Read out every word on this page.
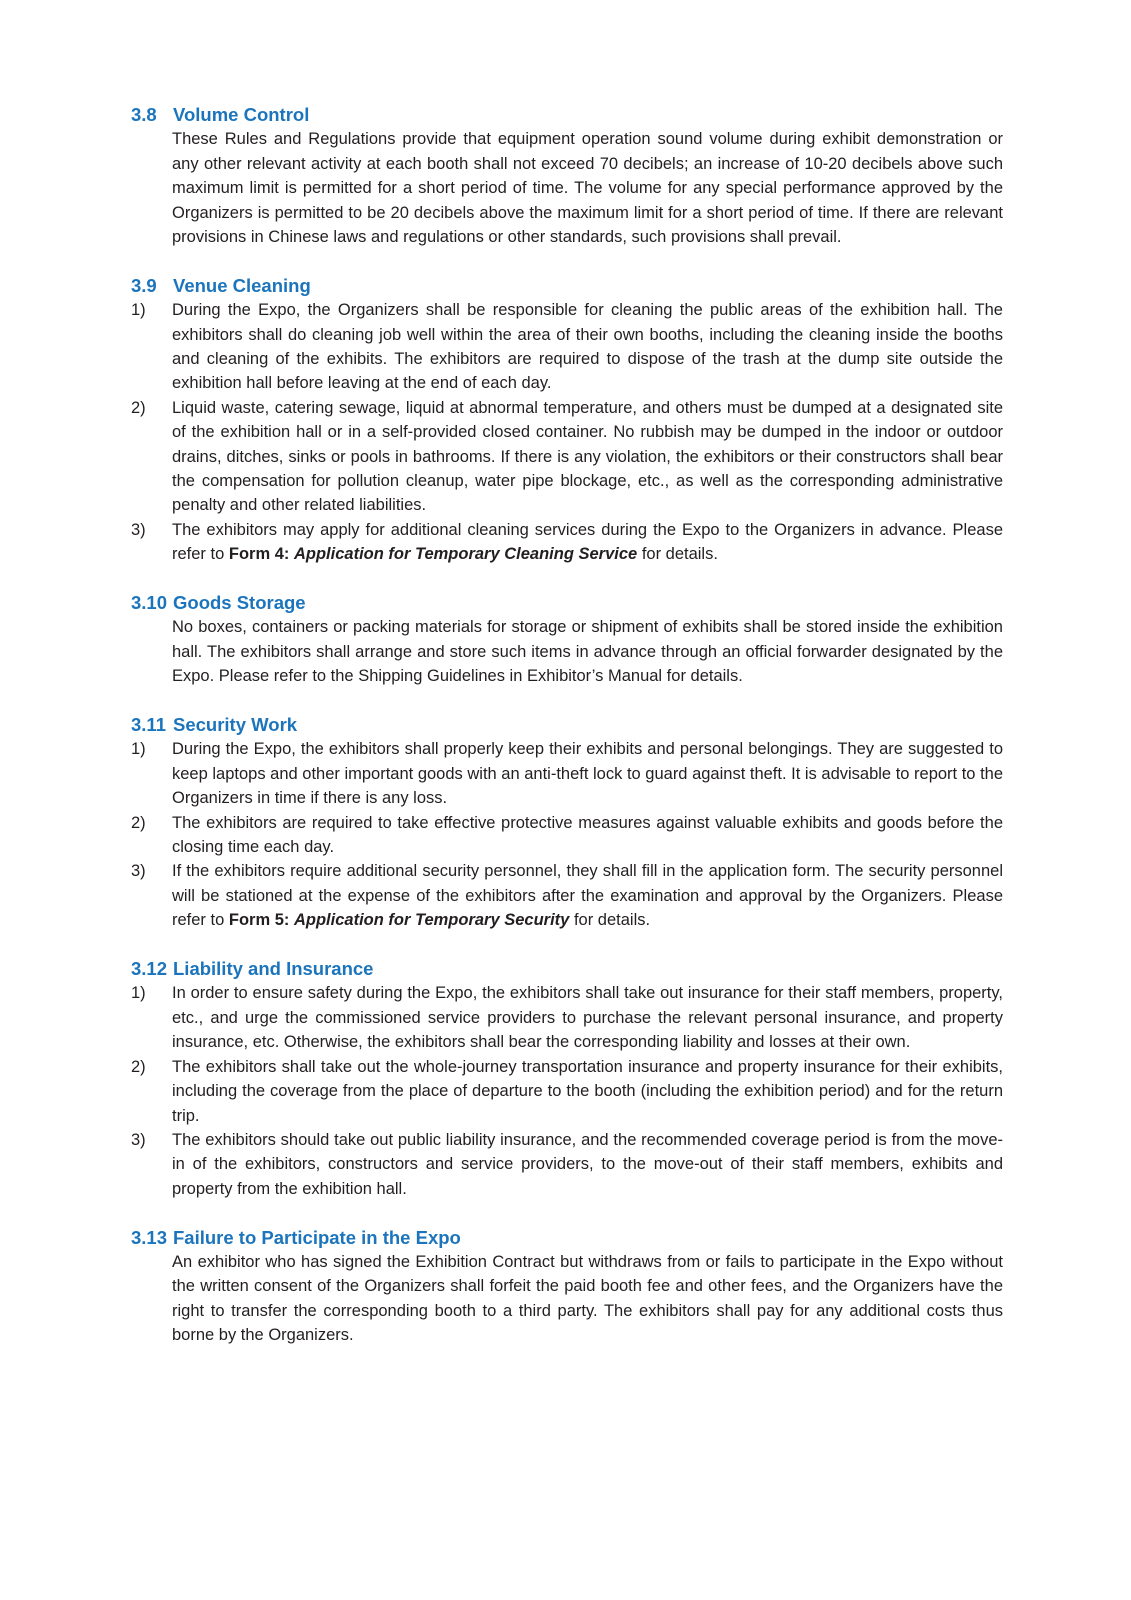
3.8 Volume Control

These Rules and Regulations provide that equipment operation sound volume during exhibit demonstration or any other relevant activity at each booth shall not exceed 70 decibels; an increase of 10-20 decibels above such maximum limit is permitted for a short period of time. The volume for any special performance approved by the Organizers is permitted to be 20 decibels above the maximum limit for a short period of time. If there are relevant provisions in Chinese laws and regulations or other standards, such provisions shall prevail.

3.9 Venue Cleaning
1)	During the Expo, the Organizers shall be responsible for cleaning the public areas of the exhibition hall. The exhibitors shall do cleaning job well within the area of their own booths, including the cleaning inside the booths and cleaning of the exhibits. The exhibitors are required to dispose of the trash at the dump site outside the exhibition hall before leaving at the end of each day.
2)	Liquid waste, catering sewage, liquid at abnormal temperature, and others must be dumped at a designated site of the exhibition hall or in a self-provided closed container. No rubbish may be dumped in the indoor or outdoor drains, ditches, sinks or pools in bathrooms. If there is any violation, the exhibitors or their constructors shall bear the compensation for pollution cleanup, water pipe blockage, etc., as well as the corresponding administrative penalty and other related liabilities.
3)	The exhibitors may apply for additional cleaning services during the Expo to the Organizers in advance. Please refer to Form 4: Application for Temporary Cleaning Service for details.
3.10 Goods Storage

No boxes, containers or packing materials for storage or shipment of exhibits shall be stored inside the exhibition hall. The exhibitors shall arrange and store such items in advance through an official forwarder designated by the Expo. Please refer to the Shipping Guidelines in Exhibitor’s Manual for details.

3.11 Security Work
1)	During the Expo, the exhibitors shall properly keep their exhibits and personal belongings. They are suggested to keep laptops and other important goods with an anti-theft lock to guard against theft. It is advisable to report to the Organizers in time if there is any loss.
2)	The exhibitors are required to take effective protective measures against valuable exhibits and goods before the closing time each day.
3)	If the exhibitors require additional security personnel, they shall fill in the application form. The security personnel will be stationed at the expense of the exhibitors after the examination and approval by the Organizers. Please refer to Form 5: Application for Temporary Security for details.
3.12 Liability and Insurance
1)	In order to ensure safety during the Expo, the exhibitors shall take out insurance for their staff members, property, etc., and urge the commissioned service providers to purchase the relevant personal insurance, and property insurance, etc. Otherwise, the exhibitors shall bear the corresponding liability and losses at their own.
2)	The exhibitors shall take out the whole-journey transportation insurance and property insurance for their exhibits, including the coverage from the place of departure to the booth (including the exhibition period) and for the return trip.
3)	The exhibitors should take out public liability insurance, and the recommended coverage period is from the move-in of the exhibitors, constructors and service providers, to the move-out of their staff members, exhibits and property from the exhibition hall.
3.13 Failure to Participate in the Expo

An exhibitor who has signed the Exhibition Contract but withdraws from or fails to participate in the Expo without the written consent of the Organizers shall forfeit the paid booth fee and other fees, and the Organizers have the right to transfer the corresponding booth to a third party. The exhibitors shall pay for any additional costs thus borne by the Organizers.
